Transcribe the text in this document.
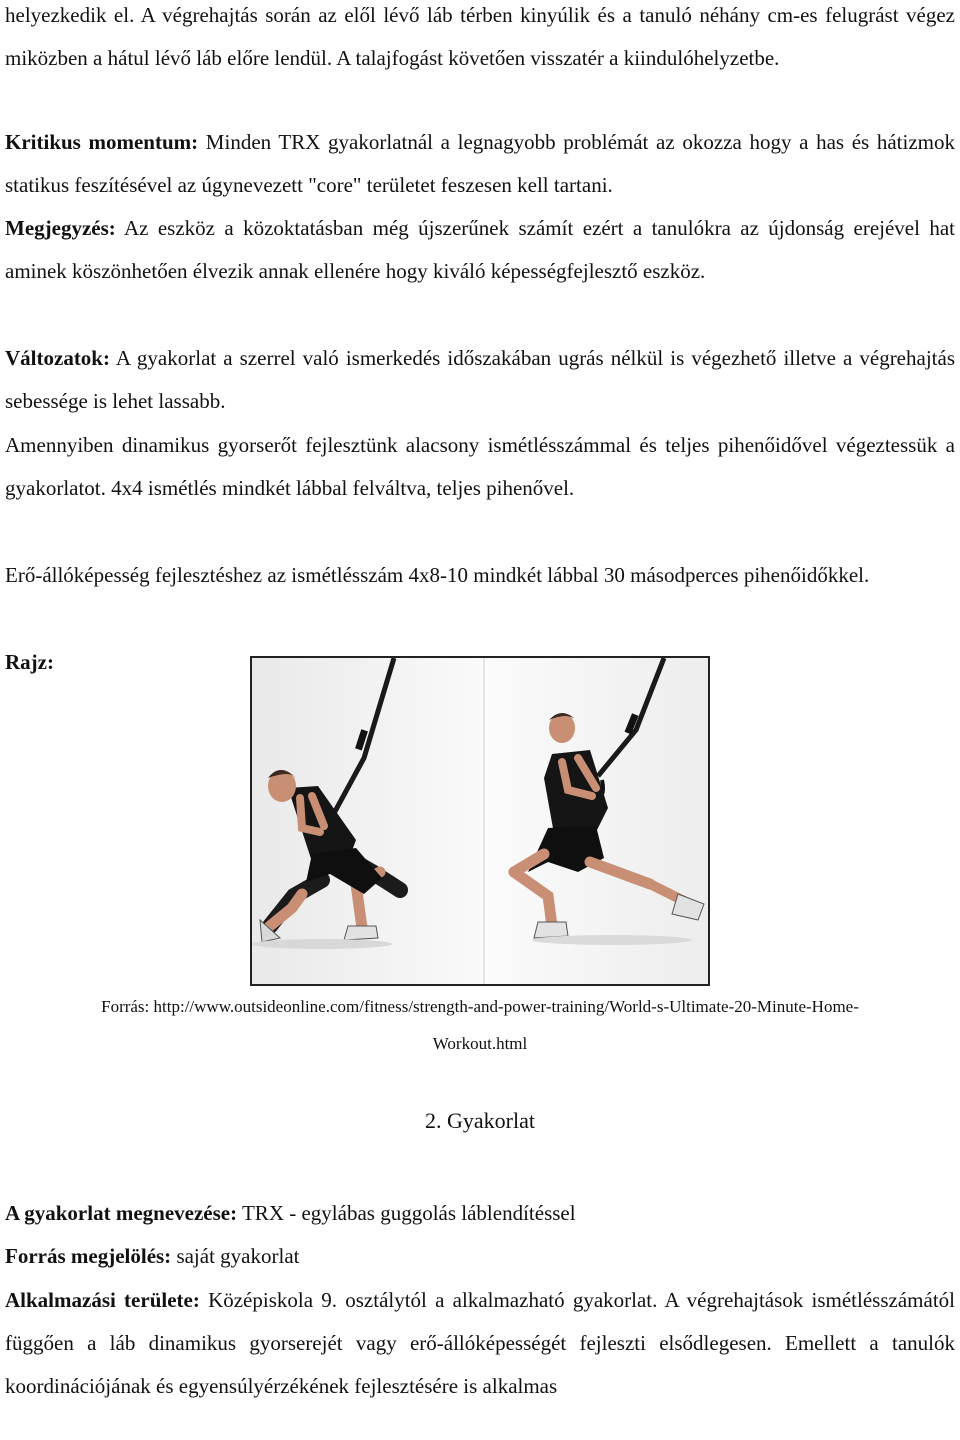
helyezkedik el. A végrehajtás során az elől lévő láb térben kinyúlik és a tanuló néhány cm-es felugrást végez miközben a hátul lévő láb előre lendül. A talajfogást követően visszatér a kiindulóhelyzetbe.

Kritikus momentum: Minden TRX gyakorlatnál a legnagyobb problémát az okozza hogy a has és hátizmok statikus feszítésével az úgynevezett "core" területet feszesen kell tartani.

Megjegyzés: Az eszköz a közoktatásban még újszerűnek számít ezért a tanulókra az újdonság erejével hat aminek köszönhetően élvezik annak ellenére hogy kiváló képességfejlesztő eszköz.

Változatok: A gyakorlat a szerrel való ismerkedés időszakában ugrás nélkül is végezhető illetve a végrehajtás sebessége is lehet lassabb.

Amennyiben dinamikus gyorserőt fejlesztünk alacsony ismétlésszámmal és teljes pihenőidővel végeztessük a gyakorlatot. 4x4 ismétlés mindkét lábbal felváltva, teljes pihenővel.

Erő-állóképesség fejlesztéshez az ismétlésszám 4x8-10 mindkét lábbal 30 másodperces pihenőidőkkel.

Rajz:

Forrás: http://www.outsideonline.com/fitness/strength-and-power-training/World-s-Ultimate-20-Minute-Home-

Workout.html

2. Gyakorlat

A gyakorlat megnevezése: TRX - egylábas guggolás láblendítéssel

Forrás megjelölés: saját gyakorlat

Alkalmazási területe: Középiskola 9. osztálytól a alkalmazható gyakorlat. A végrehajtások ismétlésszámától függően a láb dinamikus gyorserejét vagy erő-állóképességét fejleszti elsődlegesen. Emellett a tanulók koordinációjának és egyensúlyérzékének fejlesztésére is alkalmas
